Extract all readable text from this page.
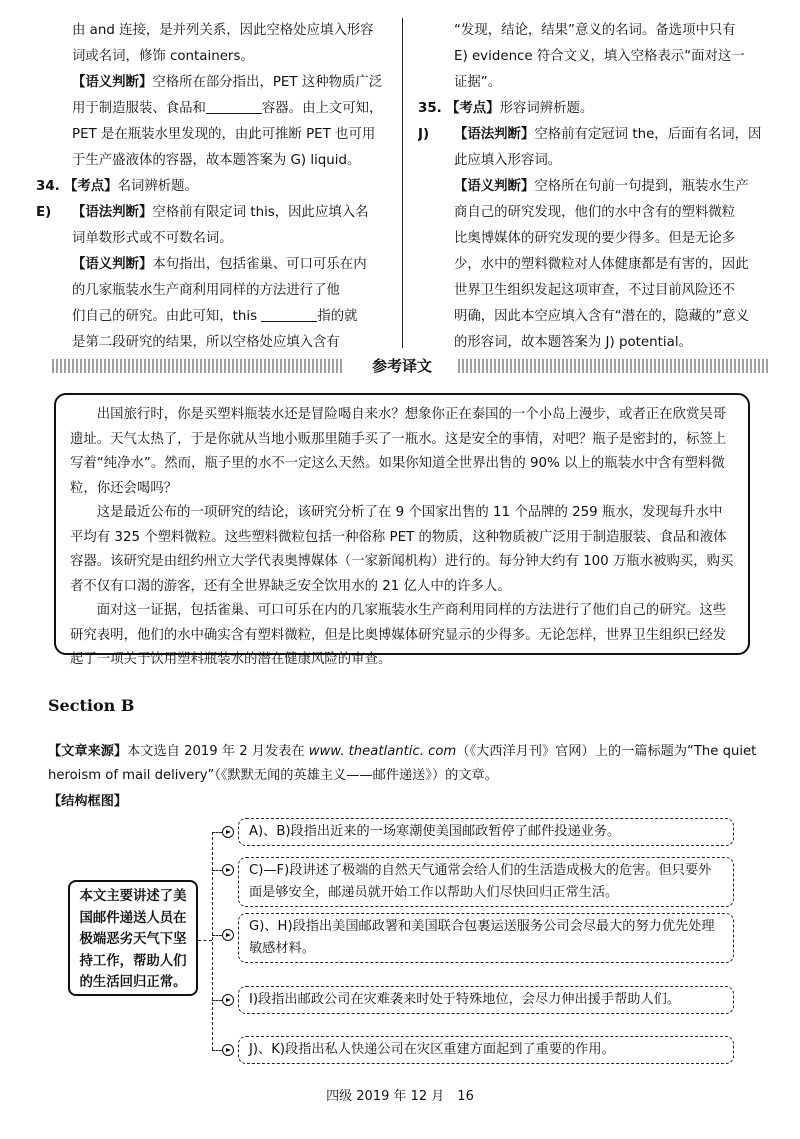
由 and 连接，是并列关系，因此空格处应填入形容
词或名词，修饰 containers。
【语义判断】空格所在部分指出，PET 这种物质广泛
用于制造服装、食品和	容器。由上文可知，
PET 是在瓶装水里发现的，由此可推断 PET 也可用
于生产盛液体的容器，故本题答案为 G) liquid。
34. 【考点】名词辨析题。
E) 【语法判断】空格前有限定词 this，因此应填入名
词单数形式或不可数名词。
【语义判断】本句指出，包括雀巢、可口可乐在内
的几家瓶装水生产商利用同样的方法进行了他
们自己的研究。由此可知，this	指的就
是第二段研究的结果，所以空格处应填入含有
“发现，结论，结果”意义的名词。备选项中只有
E) evidence 符合文义，填入空格表示“面对这一
证据”。
35. 【考点】形容词辨析题。
J) 【语法判断】空格前有定冠词 the，后面有名词，因
此应填入形容词。
【语义判断】空格所在句前一句提到，瓶装水生产
商自己的研究发现，他们的水中含有的塑料微粒
比奥博媒体的研究发现的要少得多。但是无论多
少，水中的塑料微粒对人体健康都是有害的，因此
世界卫生组织发起这项审查，不过目前风险还不
明确，因此本空应填入含有“潜在的，隐藏的”意义
的形容词，故本题答案为 J) potential。
参考译文

出国旅行时，你是买塑料瓶装水还是冒险喝自来水？想象你正在泰国的一个小岛上漫步，或者正在欣赏吴哥遗址。天气太热了，于是你就从当地小贩那里随手买了一瓶水。这是安全的事情，对吧？瓶子是密封的，标签上写着“纯净水”。然而，瓶子里的水不一定这么天然。如果你知道全世界出售的 90% 以上的瓶装水中含有塑料微粒，你还会喝吗？

这是最近公布的一项研究的结论，该研究分析了在 9 个国家出售的 11 个品牌的 259 瓶水，发现每升水中平均有 325 个塑料微粒。这些塑料微粒包括一种俗称 PET 的物质，这种物质被广泛用于制造服装、食品和液体容器。该研究是由纽约州立大学代表奥博媒体（一家新闻机构）进行的。每分钟大约有 100 万瓶水被购买，购买者不仅有口渴的游客，还有全世界缺乏安全饮用水的 21 亿人中的许多人。

面对这一证据，包括雀巢、可口可乐在内的几家瓶装水生产商利用同样的方法进行了他们自己的研究。这些研究表明，他们的水中确实含有塑料微粒，但是比奥博媒体研究显示的少得多。无论怎样，世界卫生组织已经发起了一项关于饮用塑料瓶装水的潜在健康风险的审查。

Section B
【文章来源】本文选自 2019 年 2 月发表在 www. theatlantic. com（《大西洋月刊》官网）上的一篇标题为“The quiet heroism of mail delivery”（《默默无闻的英雄主义——邮件递送》）的文章。
【结构框图】
本文主要讲述了美国邮件递送人员在极端恶劣天气下坚持工作，帮助人们的生活回归正常。
A)、B)段指出近来的一场寒潮使美国邮政暂停了邮件投递业务。
C)—F)段讲述了极端的自然天气通常会给人们的生活造成极大的危害。但只要外面是够安全，邮递员就开始工作以帮助人们尽快回归正常生活。
G)、H)段指出美国邮政署和美国联合包裹运送服务公司会尽最大的努力优先处理敏感材料。
I)段指出邮政公司在灾难袭来时处于特殊地位，会尽力伸出援手帮助人们。
J)、K)段指出私人快递公司在灾区重建方面起到了重要的作用。
四级 2019 年 12 月　16
